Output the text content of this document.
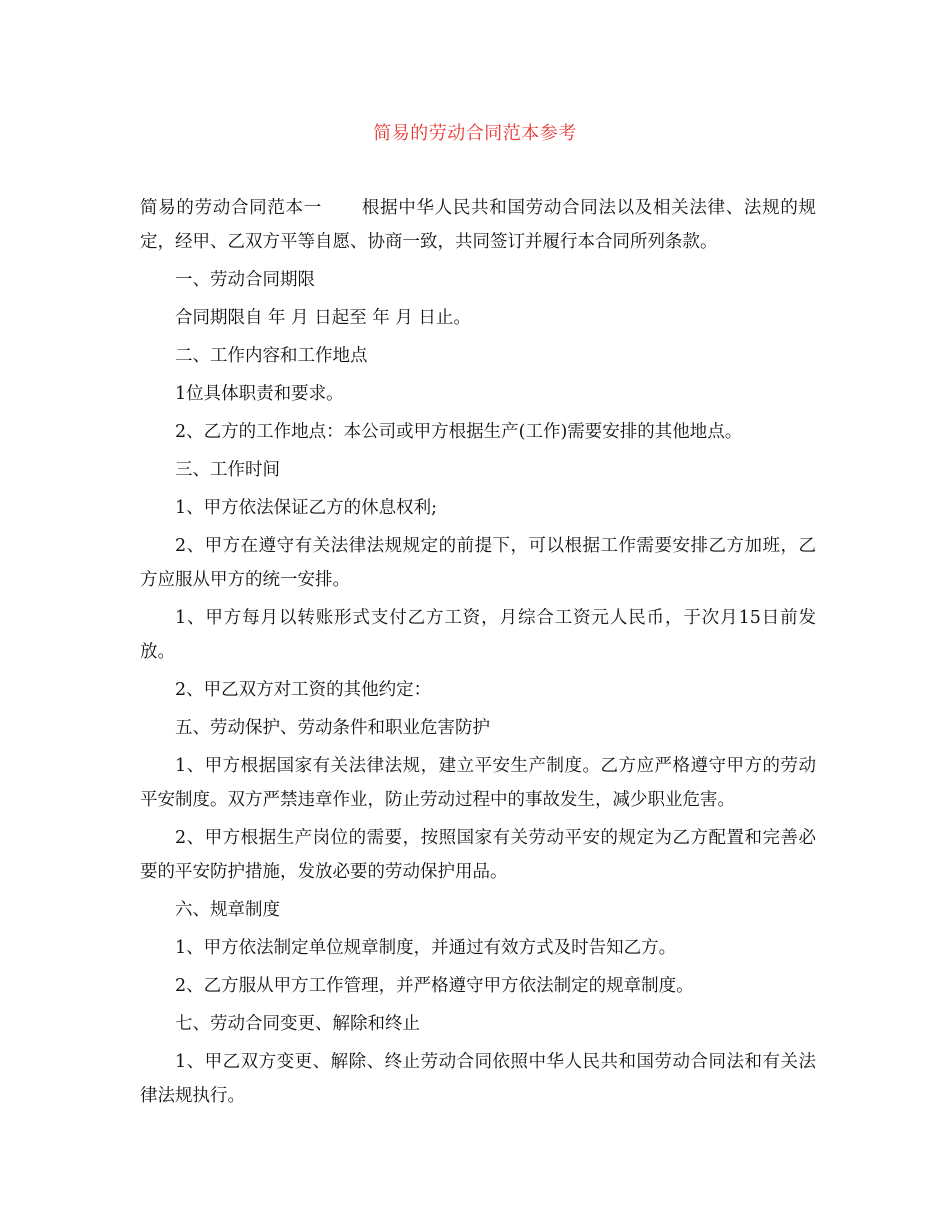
简易的劳动合同范本参考

简易的劳动合同范本一 根据中华人民共和国劳动合同法以及相关法律、法规的规定，经甲、乙双方平等自愿、协商一致，共同签订并履行本合同所列条款。

一、劳动合同期限

合同期限自 年 月 日起至 年 月 日止。

二、工作内容和工作地点

1位具体职责和要求。

2、乙方的工作地点：本公司或甲方根据生产(工作)需要安排的其他地点。

三、工作时间

1、甲方依法保证乙方的休息权利;

2、甲方在遵守有关法律法规规定的前提下，可以根据工作需要安排乙方加班，乙方应服从甲方的统一安排。

1、甲方每月以转账形式支付乙方工资，月综合工资元人民币，于次月15日前发放。

2、甲乙双方对工资的其他约定：

五、劳动保护、劳动条件和职业危害防护

1、甲方根据国家有关法律法规，建立平安生产制度。乙方应严格遵守甲方的劳动平安制度。双方严禁违章作业，防止劳动过程中的事故发生，减少职业危害。

2、甲方根据生产岗位的需要，按照国家有关劳动平安的规定为乙方配置和完善必要的平安防护措施，发放必要的劳动保护用品。

六、规章制度

1、甲方依法制定单位规章制度，并通过有效方式及时告知乙方。

2、乙方服从甲方工作管理，并严格遵守甲方依法制定的规章制度。

七、劳动合同变更、解除和终止

1、甲乙双方变更、解除、终止劳动合同依照中华人民共和国劳动合同法和有关法律法规执行。
